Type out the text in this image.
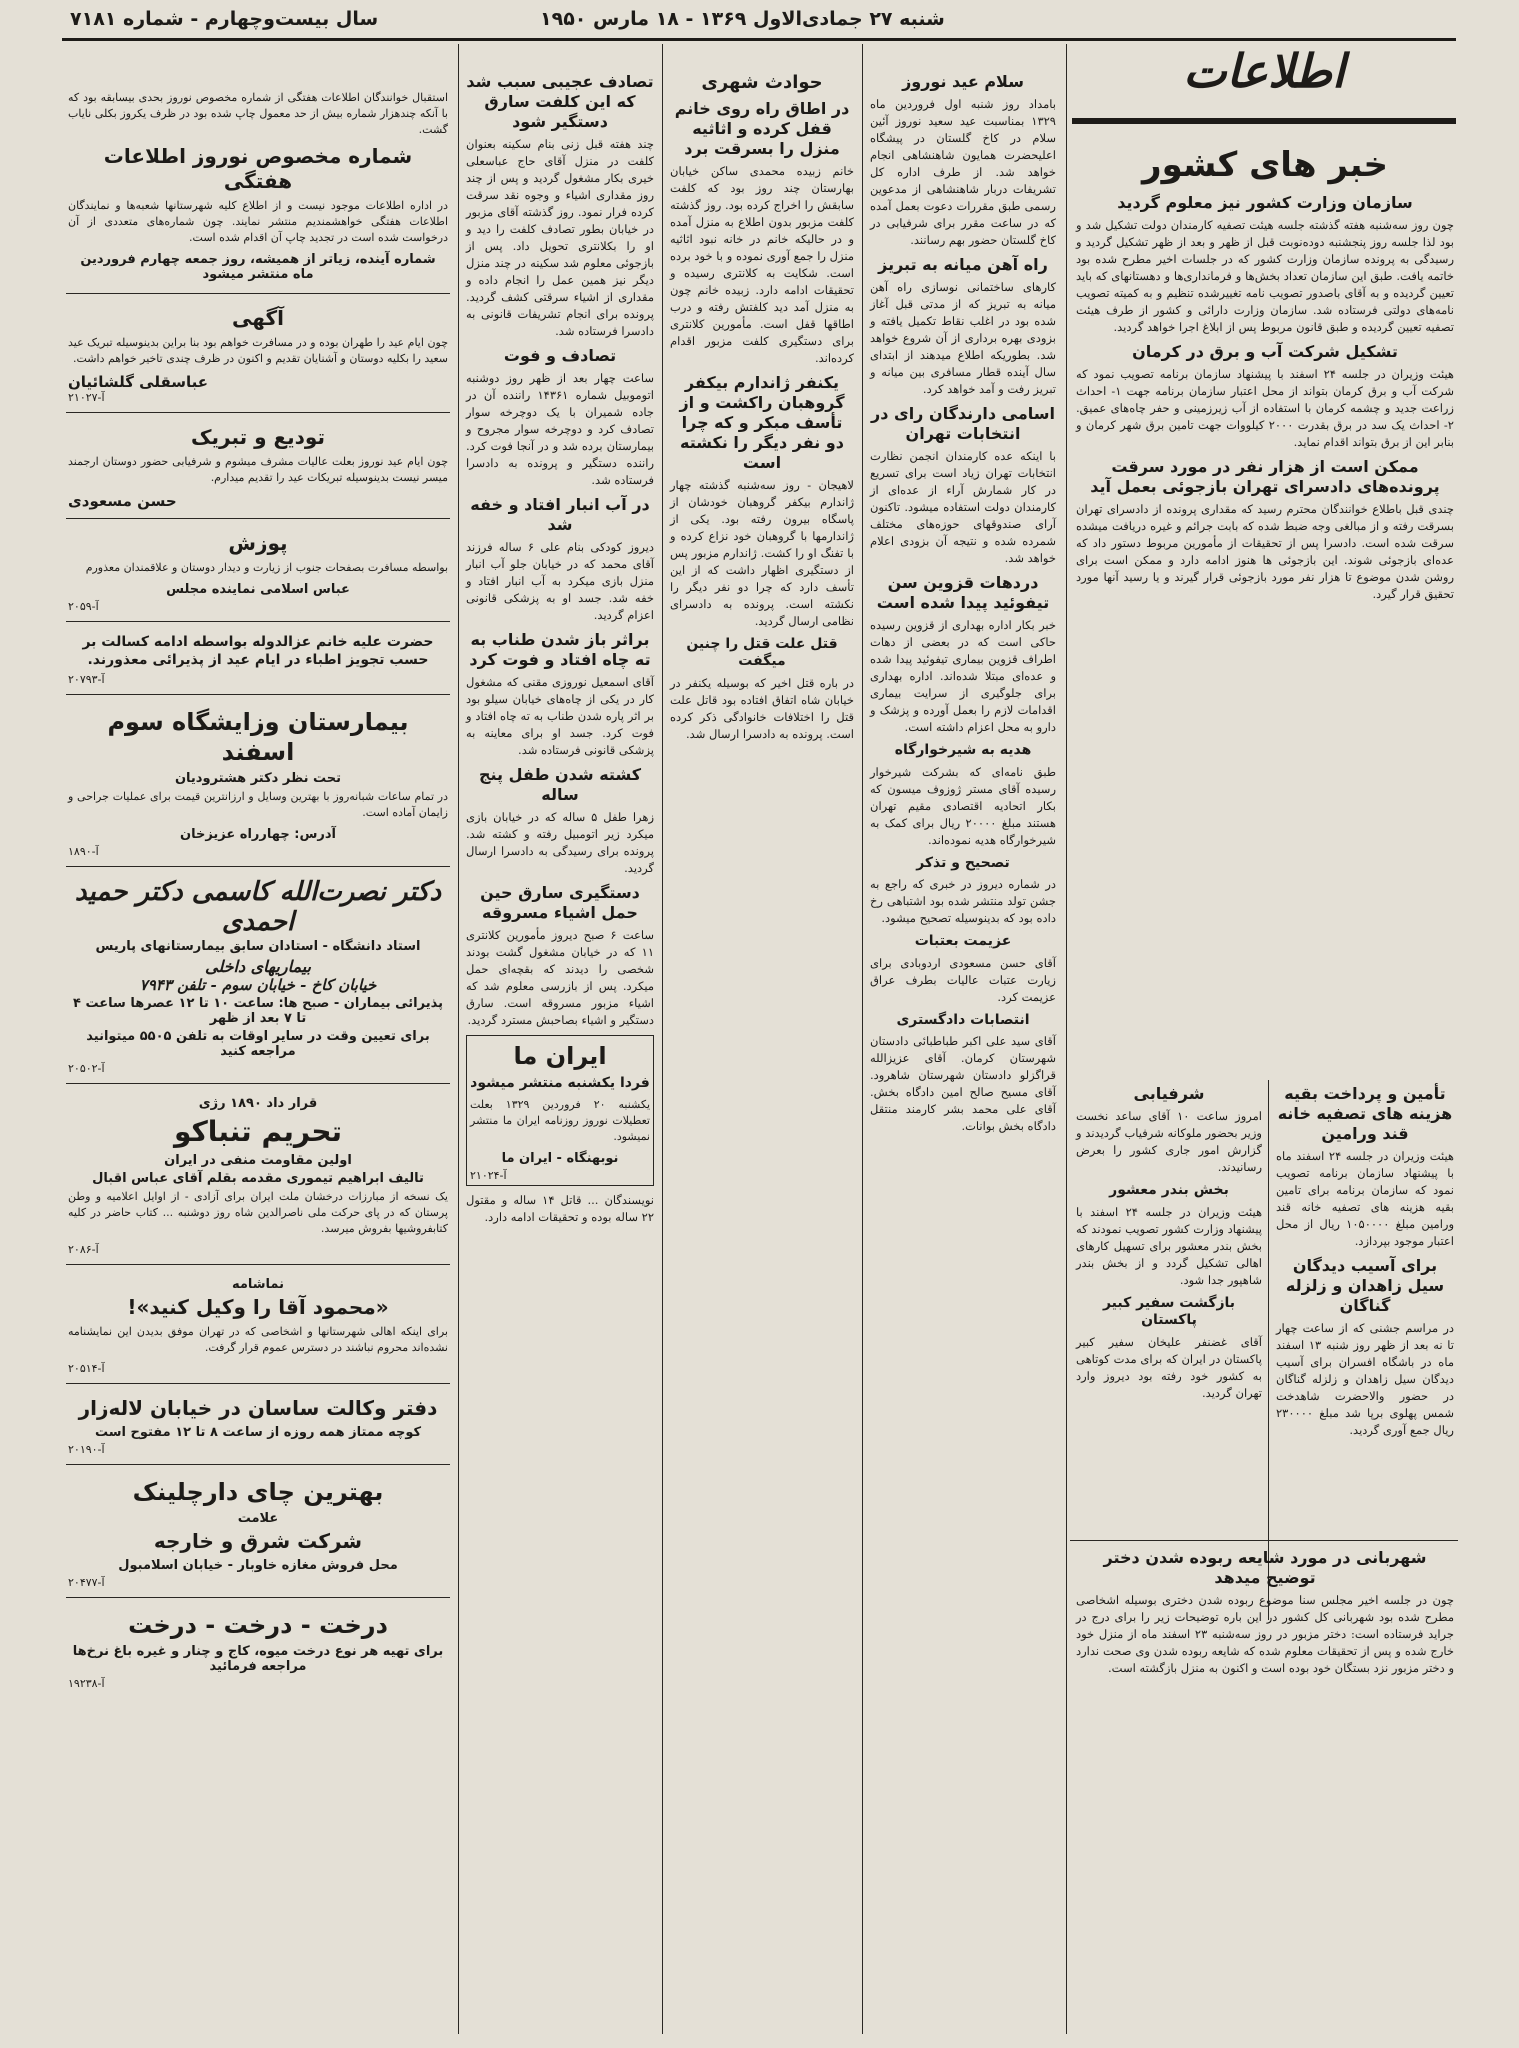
سال بیست‌وچهارم - شماره ۷۱۸۱	شنبه ۲۷ جمادی‌الاول ۱۳۶۹ - ۱۸ مارس ۱۹۵۰
اطلاعات
خبر های کشور
سازمان وزارت کشور نیز معلوم گردید

چون روز سه‌شنبه هفته گذشته جلسه هیئت تصفیه کارمندان دولت تشکیل شد و بود لذا جلسه روز پنجشنبه دوده‌نوبت قبل از ظهر و بعد از ظهر تشکیل گردید و رسیدگی به پرونده سازمان وزارت کشور که در جلسات اخیر مطرح شده بود خاتمه یافت. طبق این سازمان تعداد بخش‌ها و فرمانداری‌ها و دهستانهای که باید تعیین گردیده و به آقای باصدور تصویب نامه تغییرشده تنظیم و به کمیته تصویب نامه‌های دولتی فرستاده شد. سازمان وزارت دارائی و کشور از طرف هیئت تصفیه تعیین گردیده و طبق قانون مربوط پس از ابلاغ اجرا خواهد گردید.

تشکیل شرکت آب و برق در کرمان

هیئت وزیران در جلسه ۲۴ اسفند با پیشنهاد سازمان برنامه تصویب نمود که شرکت آب و برق کرمان بتواند از محل اعتبار سازمان برنامه جهت ۱- احداث زراعت جدید و چشمه کرمان با استفاده از آب زیرزمینی و حفر چاه‌های عمیق. ۲- احداث یک سد در برق بقدرت ۲۰۰۰ کیلووات جهت تامین برق شهر کرمان و بنابر این از برق بتواند اقدام نماید.

ممکن است از هزار نفر در مورد سرقت پرونده‌های دادسرای تهران بازجوئی بعمل آید

چندی قبل باطلاع خوانندگان محترم رسید که مقداری پرونده از دادسرای تهران بسرقت رفته و از مبالغی وجه ضبط شده که بابت جرائم و غیره دریافت میشده سرقت شده است. دادسرا پس از تحقیقات از مأمورین مربوط دستور داد که عده‌ای بازجوئی شوند. این بازجوئی ها هنوز ادامه دارد و ممکن است برای روشن شدن موضوع تا هزار نفر مورد بازجوئی قرار گیرند و یا رسید آنها مورد تحقیق قرار گیرد.

تأمین و پرداخت بقیه هزینه های تصفیه خانه قند ورامین

هیئت وزیران در جلسه ۲۴ اسفند ماه با پیشنهاد سازمان برنامه تصویب نمود که سازمان برنامه برای تامین بقیه هزینه های تصفیه خانه قند ورامین مبلغ ۱۰۵۰۰۰۰ ریال از محل اعتبار موجود بپردازد.

برای آسیب دیدگان سیل زاهدان و زلزله گناگان

در مراسم جشنی که از ساعت چهار تا نه بعد از ظهر روز شنبه ۱۳ اسفند ماه در باشگاه افسران برای آسیب دیدگان سیل زاهدان و زلزله گناگان در حضور والاحضرت شاهدخت شمس پهلوی برپا شد مبلغ ۲۳۰۰۰۰ ریال جمع آوری گردید.

شرفیابی

امروز ساعت ۱۰ آقای ساعد نخست وزیر بحضور ملوکانه شرفیاب گردیدند و گزارش امور جاری کشور را بعرض رسانیدند.

بخش بندر معشور

هیئت وزیران در جلسه ۲۴ اسفند با پیشنهاد وزارت کشور تصویب نمودند که بخش بندر معشور برای تسهیل کارهای اهالی تشکیل گردد و از بخش بندر شاهپور جدا شود.

بازگشت سفیر کبیر پاکستان

آقای غضنفر علیخان سفیر کبیر پاکستان در ایران که برای مدت کوتاهی به کشور خود رفته بود دیروز وارد تهران گردید.

شهربانی در مورد شایعه ربوده شدن دختر توضیح میدهد

چون در جلسه اخیر مجلس سنا موضوع ربوده شدن دختری بوسیله اشخاصی مطرح شده بود شهربانی کل کشور در این باره توضیحات زیر را برای درج در جراید فرستاده است: دختر مزبور در روز سه‌شنبه ۲۳ اسفند ماه از منزل خود خارج شده و پس از تحقیقات معلوم شده که شایعه ربوده شدن وی صحت ندارد و دختر مزبور نزد بستگان خود بوده است و اکنون به منزل بازگشته است.

سلام عید نوروز

بامداد روز شنبه اول فروردین ماه ۱۳۲۹ بمناسبت عید سعید نوروز آئین سلام در کاخ گلستان در پیشگاه اعلیحضرت همایون شاهنشاهی انجام خواهد شد. از طرف اداره کل تشریفات دربار شاهنشاهی از مدعوین رسمی طبق مقررات دعوت بعمل آمده که در ساعت مقرر برای شرفیابی در کاخ گلستان حضور بهم رسانند.

راه آهن میانه به تبریز

کارهای ساختمانی نوسازی راه آهن میانه به تبریز که از مدتی قبل آغاز شده بود در اغلب نقاط تکمیل یافته و بزودی بهره برداری از آن شروع خواهد شد. بطوریکه اطلاع میدهند از ابتدای سال آینده قطار مسافری بین میانه و تبریز رفت و آمد خواهد کرد.

اسامی دارندگان رای در انتخابات تهران

با اینکه عده کارمندان انجمن نظارت انتخابات تهران زیاد است برای تسریع در کار شمارش آراء از عده‌ای از کارمندان دولت استفاده میشود. تاکنون آرای صندوقهای حوزه‌های مختلف شمرده شده و نتیجه آن بزودی اعلام خواهد شد.

دردهات قزوین سن تیفوئید پیدا شده است

خبر بکار اداره بهداری از قزوین رسیده حاکی است که در بعضی از دهات اطراف قزوین بیماری تیفوئید پیدا شده و عده‌ای مبتلا شده‌اند. اداره بهداری برای جلوگیری از سرایت بیماری اقدامات لازم را بعمل آورده و پزشک و دارو به محل اعزام داشته است.

هدیه به شیرخوارگاه

طبق نامه‌ای که بشرکت شیرخوار رسیده آقای مستر ژوزوف میسون که بکار اتحادیه اقتصادی مقیم تهران هستند مبلغ ۲۰۰۰۰ ریال برای کمک به شیرخوارگاه هدیه نموده‌اند.

تصحیح و تذکر

در شماره دیروز در خبری که راجع به جشن تولد منتشر شده بود اشتباهی رخ داده بود که بدینوسیله تصحیح میشود.

عزیمت بعتبات

آقای حسن مسعودی اردوبادی برای زیارت عتبات عالیات بطرف عراق عزیمت کرد.

انتصابات دادگستری

آقای سید علی اکبر طباطبائی دادستان شهرستان کرمان. آقای عزیزالله قراگزلو دادستان شهرستان شاهرود. آقای مسیح صالح امین دادگاه بخش. آقای علی محمد بشر کارمند منتقل دادگاه بخش بوانات.

حوادث شهری
در اطاق راه روی خانم قفل کرده و اثاثیه منزل را بسرقت برد

خانم زبیده محمدی ساکن خیابان بهارستان چند روز بود که کلفت سابقش را اخراج کرده بود. روز گذشته کلفت مزبور بدون اطلاع به منزل آمده و در حالیکه خانم در خانه نبود اثاثیه منزل را جمع آوری نموده و با خود برده است. شکایت به کلانتری رسیده و تحقیقات ادامه دارد. زبیده خانم چون به منزل آمد دید کلفتش رفته و درب اطاقها قفل است. مأمورین کلانتری برای دستگیری کلفت مزبور اقدام کرده‌اند.

یکنفر ژاندارم بیکفر گروهبان راکشت و از تأسف مبکر و که چرا دو نفر دیگر را نکشته است

لاهیجان - روز سه‌شنبه گذشته چهار ژاندارم بیکفر گروهبان خودشان از پاسگاه بیرون رفته بود. یکی از ژاندارمها با گروهبان خود نزاع کرده و با تفنگ او را کشت. ژاندارم مزبور پس از دستگیری اظهار داشت که از این تأسف دارد که چرا دو نفر دیگر را نکشته است. پرونده به دادسرای نظامی ارسال گردید.

قتل علت قتل را چنین میگفت

در باره قتل اخیر که بوسیله یکنفر در خیابان شاه اتفاق افتاده بود قاتل علت قتل را اختلافات خانوادگی ذکر کرده است. پرونده به دادسرا ارسال شد.

تصادف عجیبی سبب شد که این کلفت سارق دستگیر شود

چند هفته قبل زنی بنام سکینه بعنوان کلفت در منزل آقای حاج عباسعلی خیری بکار مشغول گردید و پس از چند روز مقداری اشیاء و وجوه نقد سرقت کرده فرار نمود. روز گذشته آقای مزبور در خیابان بطور تصادف کلفت را دید و او را بکلانتری تحویل داد. پس از بازجوئی معلوم شد سکینه در چند منزل دیگر نیز همین عمل را انجام داده و مقداری از اشیاء سرقتی کشف گردید. پرونده برای انجام تشریفات قانونی به دادسرا فرستاده شد.

تصادف و فوت

ساعت چهار بعد از ظهر روز دوشنبه اتوموبیل شماره ۱۴۳۶۱ راننده آن در جاده شمیران با یک دوچرخه سوار تصادف کرد و دوچرخه سوار مجروح و بیمارستان برده شد و در آنجا فوت کرد. راننده دستگیر و پرونده به دادسرا فرستاده شد.

در آب انبار افتاد و خفه شد

دیروز کودکی بنام علی ۶ ساله فرزند آقای محمد که در خیابان جلو آب انبار منزل بازی میکرد به آب انبار افتاد و خفه شد. جسد او به پزشکی قانونی اعزام گردید.

براثر باز شدن طناب به ته چاه افتاد و فوت کرد

آقای اسمعیل نوروزی مقنی که مشغول کار در یکی از چاه‌های خیابان سیلو بود بر اثر پاره شدن طناب به ته چاه افتاد و فوت کرد. جسد او برای معاینه به پزشکی قانونی فرستاده شد.

کشته شدن طفل پنج ساله

زهرا طفل ۵ ساله که در خیابان بازی میکرد زیر اتومبیل رفته و کشته شد. پرونده برای رسیدگی به دادسرا ارسال گردید.

دستگیری سارق حین حمل اشیاء مسروقه

ساعت ۶ صبح دیروز مأمورین کلانتری ۱۱ که در خیابان مشغول گشت بودند شخصی را دیدند که بقچه‌ای حمل میکرد. پس از بازرسی معلوم شد که اشیاء مزبور مسروقه است. سارق دستگیر و اشیاء بصاحبش مسترد گردید.

ایران ما
فردا یکشنبه منتشر میشود

یکشنبه ۲۰ فروردین ۱۳۲۹ بعلت تعطیلات نوروز روزنامه ایران ما منتشر نمیشود.

نوبهنگاه - ایران ما
آ-۲۱۰۲۴

نویسندگان ... قاتل ۱۴ ساله و مقتول ۲۲ ساله بوده و تحقیقات ادامه دارد.

استقبال خوانندگان اطلاعات هفتگی از شماره مخصوص نوروز بحدی بیسابقه بود که با آنکه چندهزار شماره بیش از حد معمول چاپ شده بود در ظرف یکروز بکلی نایاب گشت.

شماره مخصوص نوروز اطلاعات هفتگی

در اداره اطلاعات موجود نیست و از اطلاع کلیه شهرستانها شعبه‌ها و نمایندگان اطلاعات هفتگی خواهشمندیم منتشر نمایند. چون شماره‌های متعددی از آن درخواست شده است در تجدید چاپ آن اقدام شده است.

شماره آینده، زیاتر از همیشه، روز جمعه چهارم فروردین ماه منتشر میشود
آگهی

چون ایام عید را طهران بوده و در مسافرت خواهم بود بنا براین بدینوسیله تبریک عید سعید را بکلیه دوستان و آشنایان تقدیم و اکنون در ظرف چندی تاخیر خواهم داشت.

عباسقلی گلشائیان
آ-۲۱۰۲۷
تودیع و تبریک

چون ایام عید نوروز بعلت عالیات مشرف میشوم و شرفیابی حضور دوستان ارجمند میسر نیست بدینوسیله تبریکات عید را تقدیم میدارم.

حسن مسعودی
پوزش

بواسطه مسافرت بصفحات جنوب از زیارت و دیدار دوستان و علاقمندان معذورم

عباس اسلامی نماینده مجلس
آ-۲۰۵۹
حضرت علیه خانم عزالدوله بواسطه ادامه کسالت بر حسب تجویز اطباء در ایام عید از پذیرائی معذورند.
آ-۲۰۷۹۳
بیمارستان وزایشگاه سوم اسفند
تحت نظر دکتر هشترودیان

در تمام ساعات شبانه‌روز با بهترین وسایل و ارزانترین قیمت برای عملیات جراحی و زایمان آماده است.

آدرس: چهارراه عزیزخان
آ-۱۸۹۰
دکتر نصرت‌الله کاسمی دکتر حمید احمدی
استاد دانشگاه - استادان سابق بیمارستانهای پاریس
بیماریهای داخلی
خیابان کاخ - خیابان سوم - تلفن ۷۹۴۳
پذیرائی بیماران - صبح ها: ساعت ۱۰ تا ۱۲ عصرها ساعت ۴ تا ۷ بعد از ظهر
برای تعیین وقت در سایر اوقات به تلفن ۵۵۰۵ میتوانید مراجعه کنید
آ-۲۰۵۰۲
قرار داد ۱۸۹۰ رژی
تحریم تنباکو
اولین مقاومت منفی در ایران
تالیف ابراهیم تیموری مقدمه بقلم آقای عباس اقبال

یک نسخه از مبارزات درخشان ملت ایران برای آزادی - از اوایل اعلامیه و وطن پرستان که در پای حرکت ملی ناصرالدین شاه روز دوشنبه ... کتاب حاضر در کلیه کتابفروشیها بفروش میرسد.

آ-۲۰۸۶
نماشامه
«محمود آقا را وکیل کنید»!

برای اینکه اهالی شهرستانها و اشخاصی که در تهران موفق بدیدن این نمایشنامه نشده‌اند محروم نباشند در دسترس عموم قرار گرفت.

آ-۲۰۵۱۴
دفتر وکالت ساسان در خیابان لاله‌زار
کوچه ممتاز همه روزه از ساعت ۸ تا ۱۲ مفتوح است
آ-۲۰۱۹۰
بهترین چای دارچلینک
علامت
شرکت شرق و خارجه
محل فروش مغازه خاوبار - خیابان اسلامبول
آ-۲۰۴۷۷
درخت - درخت - درخت
برای تهیه هر نوع درخت میوه، کاج و چنار و غیره باغ نرخ‌ها مراجعه فرمائید
آ-۱۹۲۳۸
